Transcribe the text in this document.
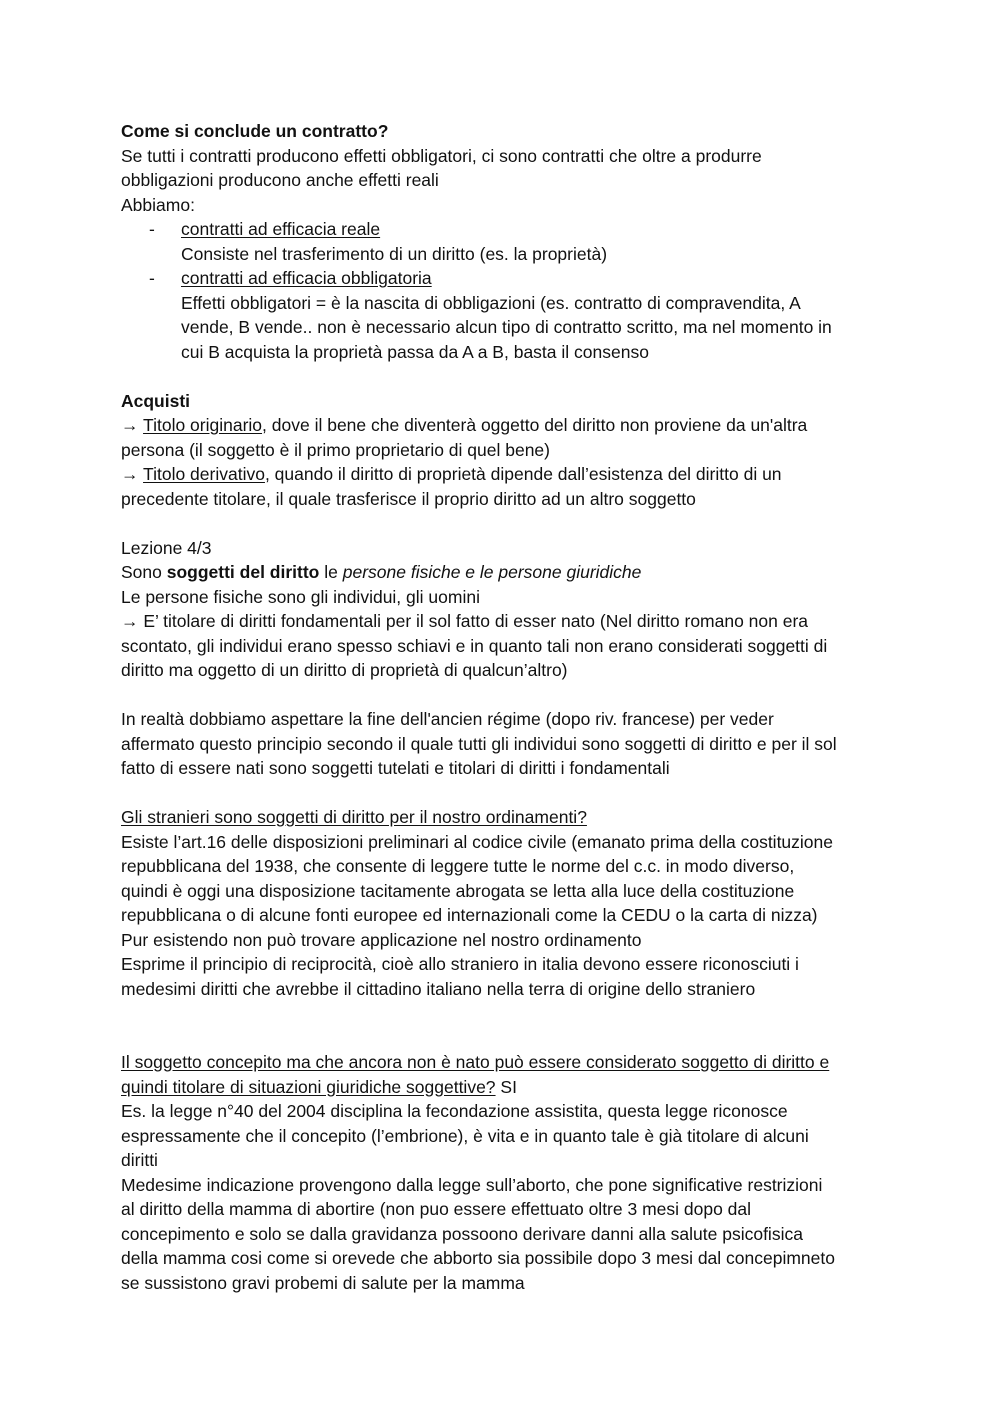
Come si conclude un contratto?
Se tutti i contratti producono effetti obbligatori, ci sono contratti che oltre a produrre
obbligazioni producono anche effetti reali
Abbiamo:
- contratti ad efficacia reale
Consiste nel trasferimento di un diritto (es. la proprietà)
- contratti ad efficacia obbligatoria
Effetti obbligatori = è la nascita di obbligazioni (es. contratto di compravendita, A
vende, B vende.. non è necessario alcun tipo di contratto scritto, ma nel momento in
cui B acquista la proprietà passa da A a B, basta il consenso
Acquisti
→ Titolo originario, dove il bene che diventerà oggetto del diritto non proviene da un'altra
persona (il soggetto è il primo proprietario di quel bene)
→ Titolo derivativo, quando il diritto di proprietà dipende dall’esistenza del diritto di un
precedente titolare, il quale trasferisce il proprio diritto ad un altro soggetto
Lezione 4/3
Sono soggetti del diritto le persone fisiche e le persone giuridiche
Le persone fisiche sono gli individui, gli uomini
→ E’ titolare di diritti fondamentali per il sol fatto di esser nato (Nel diritto romano non era
scontato, gli individui erano spesso schiavi e in quanto tali non erano considerati soggetti di
diritto ma oggetto di un diritto di proprietà di qualcun’altro)
In realtà dobbiamo aspettare la fine dell'ancien régime (dopo riv. francese) per veder
affermato questo principio secondo il quale tutti gli individui sono soggetti di diritto e per il sol
fatto di essere nati sono soggetti tutelati e titolari di diritti i fondamentali
Gli stranieri sono soggetti di diritto per il nostro ordinamenti?
Esiste l’art.16 delle disposizioni preliminari al codice civile (emanato prima della costituzione
repubblicana del 1938, che consente di leggere tutte le norme del c.c. in modo diverso,
quindi è oggi una disposizione tacitamente abrogata se letta alla luce della costituzione
repubblicana o di alcune fonti europee ed internazionali come la CEDU o la carta di nizza)
Pur esistendo non può trovare applicazione nel nostro ordinamento
Esprime il principio di reciprocità, cioè allo straniero in italia devono essere riconosciuti i
medesimi diritti che avrebbe il cittadino italiano nella terra di origine dello straniero
Il soggetto concepito ma che ancora non è nato può essere considerato soggetto di diritto e
quindi titolare di situazioni giuridiche soggettive? SI
Es. la legge n°40 del 2004 disciplina la fecondazione assistita, questa legge riconosce
espressamente che il concepito (l’embrione), è vita e in quanto tale è già titolare di alcuni
diritti
Medesime indicazione provengono dalla legge sull’aborto, che pone significative restrizioni
al diritto della mamma di abortire (non puo essere effettuato oltre 3 mesi dopo dal
concepimento e solo se dalla gravidanza possoono derivare danni alla salute psicofisica
della mamma cosi come si orevede che abborto sia possibile dopo 3 mesi dal concepimneto
se sussistono gravi probemi di salute per la mamma
